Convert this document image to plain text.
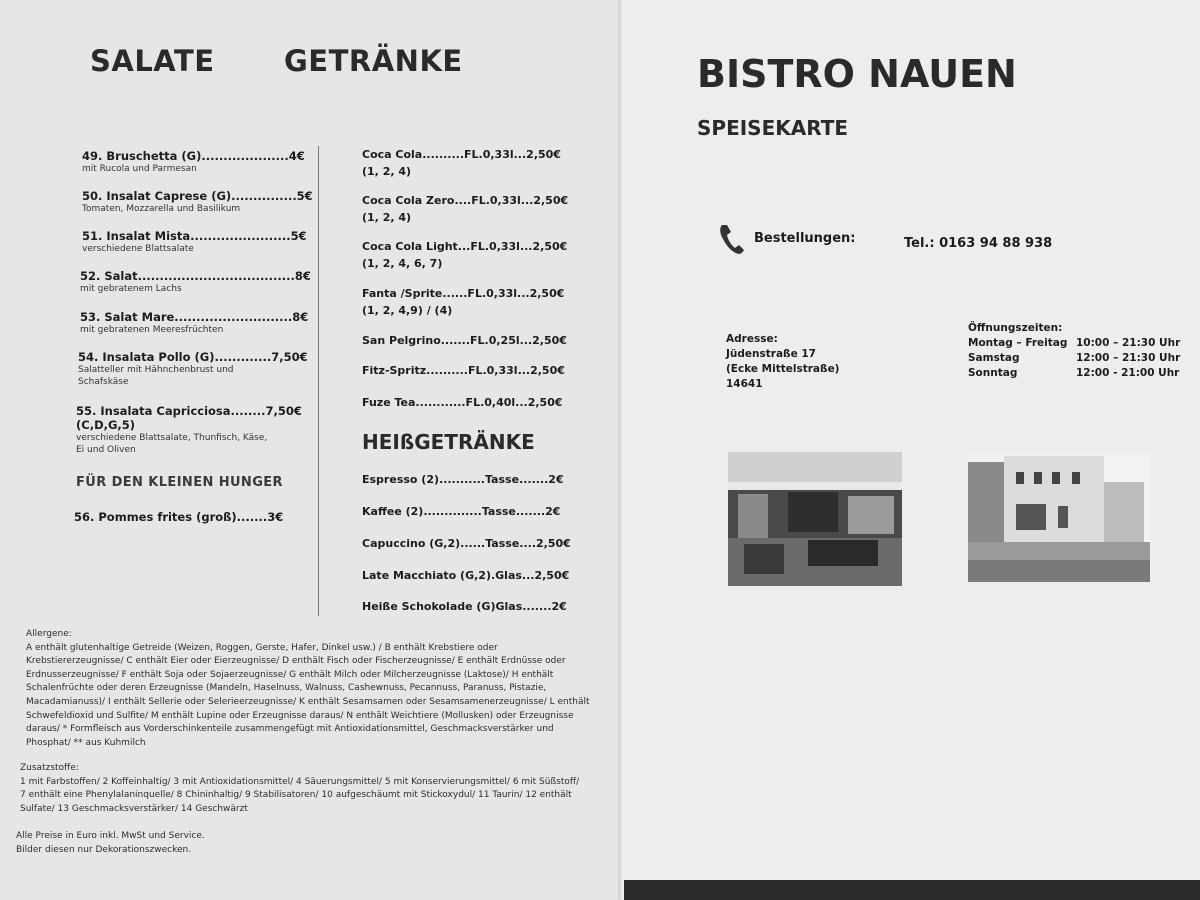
SALATE GETRÄNKE
49. Bruschetta (G)....................4€
mit Rucola und Parmesan
50. Insalat Caprese (G)...............5€
Tomaten, Mozzarella und Basilikum
51. Insalat Mista.......................5€
verschiedene Blattsalate
52. Salat....................................8€
mit gebratenem Lachs
53. Salat Mare...........................8€
mit gebratenen Meeresfrüchten
54. Insalata Pollo (G).............7,50€
Salatteller mit Hähnchenbrust und Schafskäse
55. Insalata Capricciosa........7,50€
(C,D,G,5)
verschiedene Blattsalate, Thunfisch, Käse, Ei und Oliven
FÜR DEN KLEINEN HUNGER
56. Pommes frites (groß).......3€
Coca Cola..........FL.0,33l...2,50€
(1, 2, 4)
Coca Cola Zero....FL.0,33l...2,50€
(1, 2, 4)
Coca Cola Light...FL.0,33l...2,50€
(1, 2, 4, 6, 7)
Fanta /Sprite......FL.0,33l...2,50€
(1, 2, 4,9) / (4)
San Pelgrino.......FL.0,25l...2,50€
Fitz-Spritz..........FL.0,33l...2,50€
Fuze Tea............FL.0,40l...2,50€
HEIßGETRÄNKE
Espresso (2)...........Tasse.......2€
Kaffee (2)..............Tasse.......2€
Capuccino (G,2)......Tasse....2,50€
Late Macchiato (G,2).Glas...2,50€
Heiße Schokolade (G)Glas.......2€
Allergene:
A enthält glutenhaltige Getreide (Weizen, Roggen, Gerste, Hafer, Dinkel usw.) / B enthält Krebstiere oder
Krebstiererzeugnisse/ C enthält Eier oder Eierzeugnisse/ D enthält Fisch oder Fischerzeugnisse/ E enthält Erdnüsse oder
Erdnusserzeugnisse/ F enthält Soja oder Sojaerzeugnisse/ G enthält Milch oder Milcherzeugnisse (Laktose)/ H enthält
Schalenfrüchte oder deren Erzeugnisse (Mandeln, Haselnuss, Walnuss, Cashewnuss, Pecannuss, Paranuss, Pistazie,
Macadamianuss)/ I enthält Sellerie oder Selerieerzeugnisse/ K enthält Sesamsamen oder Sesamsamenerzeugnisse/ L enthält
Schwefeldioxid und Sulfite/ M enthält Lupine oder Erzeugnisse daraus/ N enthält Weichtiere (Mollusken) oder Erzeugnisse
daraus/ * Formfleisch aus Vorderschinkenteile zusammengefügt mit Antioxidationsmittel, Geschmacksverstärker und
Phosphat/ ** aus Kuhmilch
Zusatzstoffe:
1 mit Farbstoffen/ 2 Koffeinhaltig/ 3 mit Antioxidationsmittel/ 4 Säuerungsmittel/ 5 mit Konservierungsmittel/ 6 mit Süßstoff/
7 enthält eine Phenylalaninquelle/ 8 Chininhaltig/ 9 Stabilisatoren/ 10 aufgeschäumt mit Stickoxydul/ 11 Taurin/ 12 enthält
Sulfate/ 13 Geschmacksverstärker/ 14 Geschwärzt
Alle Preise in Euro inkl. MwSt und Service.
Bilder diesen nur Dekorationszwecken.
BISTRO NAUEN
SPEISEKARTE
Bestellungen:	Tel.: 0163 94 88 938
Adresse:
Jüdenstraße 17
(Ecke Mittelstraße)
14641
Öffnungszeiten:
Montag – Freitag 10:00 – 21:30 Uhr
Samstag	12:00 – 21:30 Uhr
Sonntag	12:00 - 21:00 Uhr
